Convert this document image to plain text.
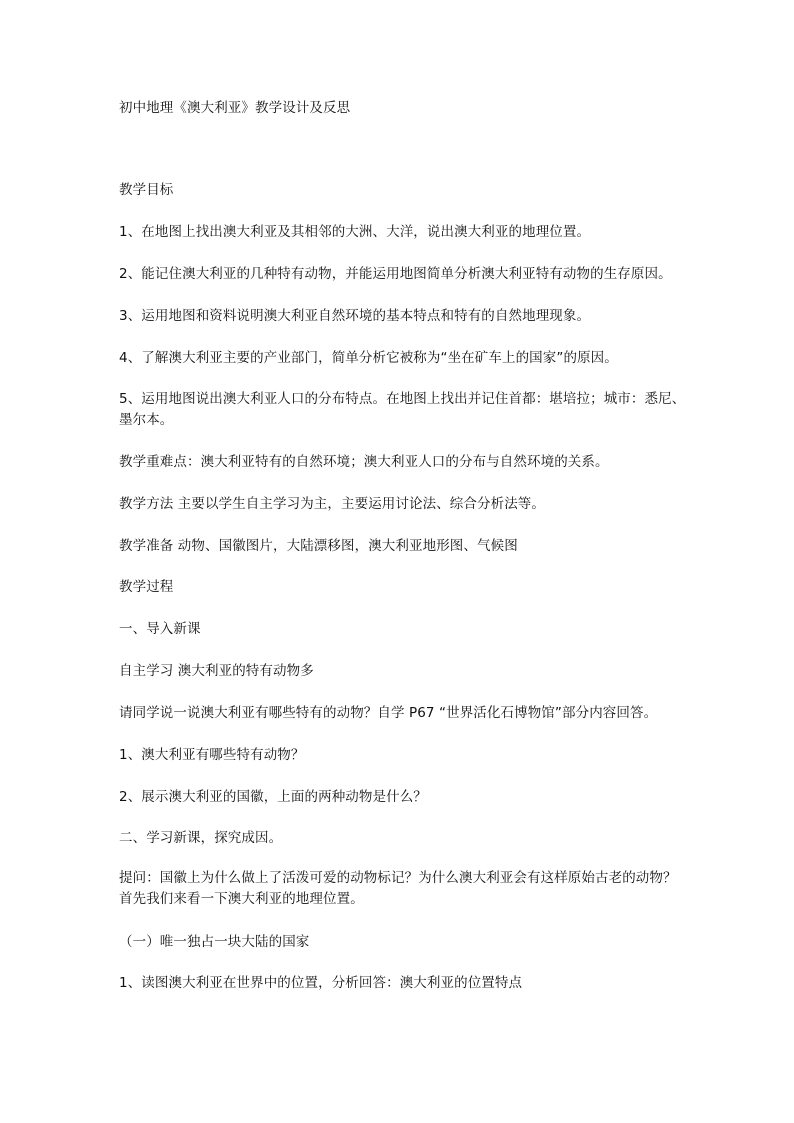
初中地理《澳大利亚》教学设计及反思
教学目标
1、在地图上找出澳大利亚及其相邻的大洲、大洋，说出澳大利亚的地理位置。
2、能记住澳大利亚的几种特有动物，并能运用地图简单分析澳大利亚特有动物的生存原因。
3、运用地图和资料说明澳大利亚自然环境的基本特点和特有的自然地理现象。
4、了解澳大利亚主要的产业部门，简单分析它被称为“坐在矿车上的国家”的原因。
5、运用地图说出澳大利亚人口的分布特点。在地图上找出并记住首都：堪培拉；城市：悉尼、墨尔本。
教学重难点：澳大利亚特有的自然环境；澳大利亚人口的分布与自然环境的关系。
教学方法 主要以学生自主学习为主，主要运用讨论法、综合分析法等。
教学准备 动物、国徽图片，大陆漂移图，澳大利亚地形图、气候图
教学过程
一、导入新课
自主学习 澳大利亚的特有动物多
请同学说一说澳大利亚有哪些特有的动物？自学 P67 “世界活化石博物馆”部分内容回答。
1、澳大利亚有哪些特有动物？
2、展示澳大利亚的国徽，上面的两种动物是什么？
二、学习新课，探究成因。
提问：国徽上为什么做上了活泼可爱的动物标记？为什么澳大利亚会有这样原始古老的动物？首先我们来看一下澳大利亚的地理位置。
（一）唯一独占一块大陆的国家
1、读图澳大利亚在世界中的位置，分析回答：澳大利亚的位置特点
